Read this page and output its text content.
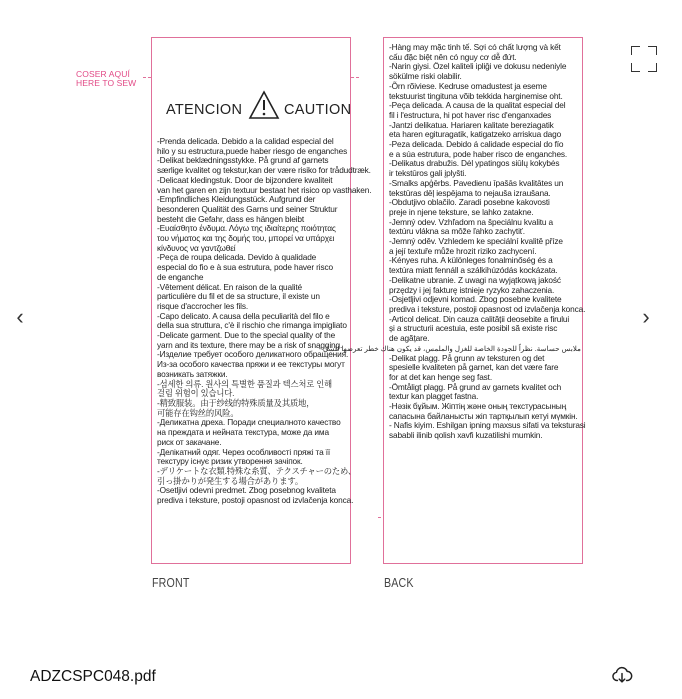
‹	›
COSER AQUÍ
HERE TO SEW
ATENCION	CAUTION
-Prenda delicada. Debido a la calidad especial del
hilo y su estructura,puede haber riesgo de enganches
-Delikat beklædningsstykke. På grund af garnets
særlige kvalitet og tekstur,kan der være risiko for trådudtræk.
-Delicaat kledingstuk. Door de bijzondere kwaliteit
van het garen en zijn textuur bestaat het risico op vasthaken.
-Empfindliches Kleidungsstück. Aufgrund der
besonderen Qualität des Garns und seiner Struktur
besteht die Gefahr, dass es hängen bleibt
-Ευαίσθητο ένδυμα. Λόγω της ιδιαίτερης ποιότητας
του νήματος και της δομής του, μπορεί να υπάρχει
κίνδυνος να γαντζωθεί
-Peça de roupa delicada. Devido à qualidade
especial do fio e à sua estrutura, pode haver risco
de enganche
-Vêtement délicat. En raison de la qualité
particulière du fil et de sa structure, il existe un
risque d'accrocher les fils.
-Capo delicato. A causa della peculiarità del filo e
della sua struttura, c'è il rischio che rimanga impigliato
-Delicate garment. Due to the special quality of the
yarn and its texture, there may be a risk of snagging.
-Изделие требует особого деликатного обращения.
Из-за особого качества пряжи и ее текстуры могут
возникать затяжки.
-섬세한 의류. 원사의 특별한 품질과 텍스처로 인해
걸림 위험이 있습니다.
-精致服装。由于纱线的特殊质量及其质地，
可能存在钩丝的风险。
-Деликатна дреха. Поради специалното качество
на преждата и нейната текстура, може да има
риск от закачане.
-Делікатний одяг. Через особливості пряжі та її
текстуру існує ризик утворення зачіпок.
-デリケートな衣類.特殊な糸質、テクスチャーのため、
引っ掛かりが発生する場合があります。
-Osetljivi odevni predmet. Zbog posebnog kvaliteta
prediva i teksture, postoji opasnost od izvlačenja konca.
FRONT
-Hàng may mặc tinh tế. Sợi có chất lượng và kết
cấu đặc biệt nên có nguy cơ dễ đứt.
-Narin giysi. Özel kaliteli ipliği ve dokusu nedeniyle
sökülme riski olabilir.
-Õrn rõiviese. Kedruse omadustest ja eseme
tekstuurist tingituna võib tekkida harginemise oht.
-Peça delicada. A causa de la qualitat especial del
fil i l'estructura, hi pot haver risc d'enganxades
-Jantzi delikatua. Hariaren kalitate bereziagatik
eta haren egituragatik, katigatzeko arriskua dago
-Peza delicada. Debido á calidade especial do fío
e a súa estrutura, pode haber risco de enganches.
-Delikatus drabužis. Dėl ypatingos siūlų kokybės
ir tekstūros gali įplyšti.
-Smalks apģērbs. Pavedienu īpašās kvalitātes un
tekstūras dēļ iespējama to nejauša izraušana.
-Obdutjivo oblačilo. Zaradi posebne kakovosti
preje in njene teksture, se lahko zatakne.
-Jemný odev. Vzhľadom na špeciálnu kvalitu a
textúru vlákna sa môže ľahko zachytiť.
-Jemný oděv. Vzhledem ke speciální kvalitě příze
a její textuře může hrozit riziko zachycení.
-Kényes ruha. A különleges fonalminőség és a
textúra miatt fennáll a szálkihúzódás kockázata.
-Delikatne ubranie. Z uwagi na wyjątkową jakość
przędzy i jej fakturę istnieje ryzyko zahaczenia.
-Osjetljivi odjevni komad. Zbog posebne kvalitete
prediva i teksture, postoji opasnost od izvlačenja konca.
-Articol delicat. Din cauza calității deosebite a firului
și a structurii acestuia, este posibil să existe risc
de agățare.
ملابس حساسة. نظراً للجودة الخاصة للغزل والملمس، قد يكون هناك خطر تعرضها للسل -
-Delikat plagg. På grunn av teksturen og det
spesielle kvaliteten på garnet, kan det være fare
for at det kan henge seg fast.
-Ömtåligt plagg. På grund av garnets kvalitet och
textur kan plagget fastna.
-Нәзік бұйым. Жіптің және оның текстурасының
сапасына байланысты жіп тартқылып кетуі мүмкін.
- Nafis kiyim. Eshilgan ipning maxsus sifati va teksturasi
sababli ilinib qolish xavfi kuzatilishi mumkin.
BACK
ADZCSPC048.pdf
